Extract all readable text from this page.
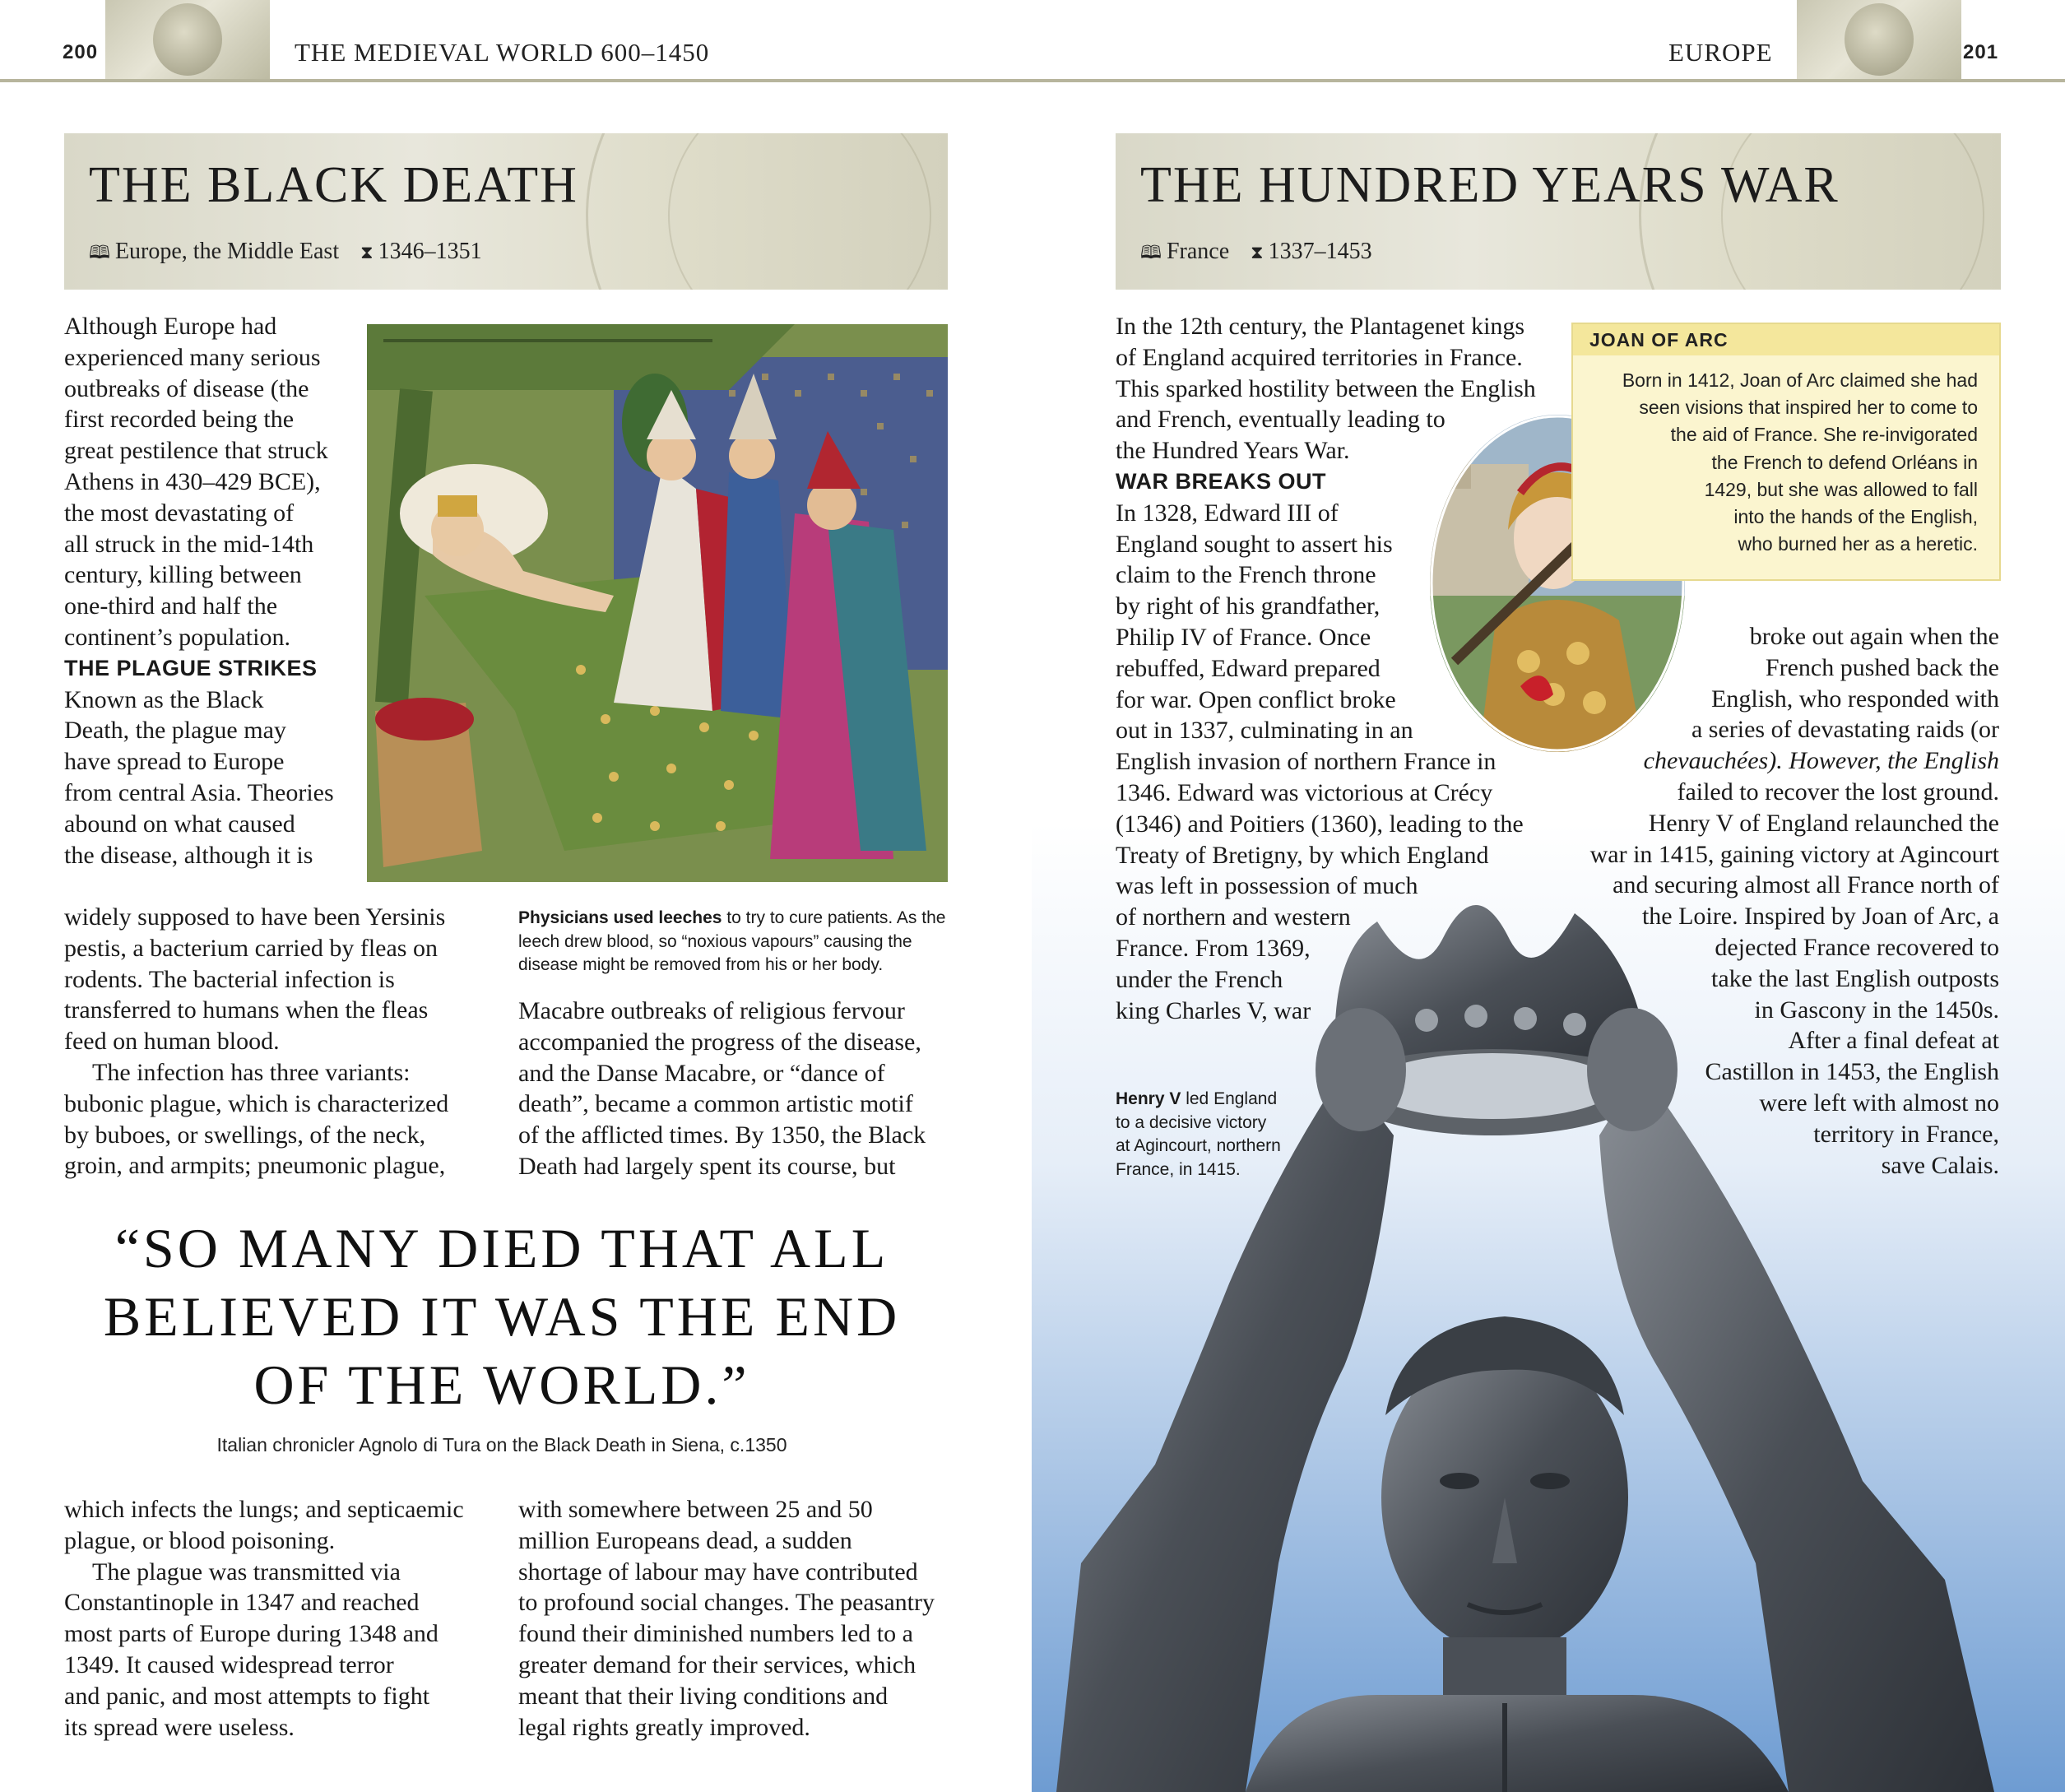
200	THE MEDIEVAL WORLD 600–1450	EUROPE	201
THE BLACK DEATH
🕮 Europe, the Middle East ⧗ 1346–1351

Although Europe had

experienced many serious

outbreaks of disease (the

first recorded being the

great pestilence that struck

Athens in 430–429 BCE),

the most devastating of

all struck in the mid-14th

century, killing between

one-third and half the

continent’s population.

THE PLAGUE STRIKES

Known as the Black

Death, the plague may

have spread to Europe

from central Asia. Theories

abound on what caused

the disease, although it is

widely supposed to have been Yersinis

pestis, a bacterium carried by fleas on

rodents. The bacterial infection is

transferred to humans when the fleas

feed on human blood.

The infection has three variants:

bubonic plague, which is characterized

by buboes, or swellings, of the neck,

groin, and armpits; pneumonic plague,

Physicians used leeches to try to cure patients. As the leech drew blood, so “noxious vapours” causing the disease might be removed from his or her body.

Macabre outbreaks of religious fervour

accompanied the progress of the disease,

and the Danse Macabre, or “dance of

death”, became a common artistic motif

of the afflicted times. By 1350, the Black

Death had largely spent its course, but

“SO MANY DIED THAT ALL
BELIEVED IT WAS THE END
OF THE WORLD.”
Italian chronicler Agnolo di Tura on the Black Death in Siena, c.1350

which infects the lungs; and septicaemic

plague, or blood poisoning.

The plague was transmitted via

Constantinople in 1347 and reached

most parts of Europe during 1348 and

1349. It caused widespread terror

and panic, and most attempts to fight

its spread were useless.

with somewhere between 25 and 50

million Europeans dead, a sudden

shortage of labour may have contributed

to profound social changes. The peasantry

found their diminished numbers led to a

greater demand for their services, which

meant that their living conditions and

legal rights greatly improved.

THE HUNDRED YEARS WAR
🕮 France ⧗ 1337–1453

In the 12th century, the Plantagenet kings

of England acquired territories in France.

This sparked hostility between the English

and French, eventually leading to

the Hundred Years War.

WAR BREAKS OUT

In 1328, Edward III of

England sought to assert his

claim to the French throne

by right of his grandfather,

Philip IV of France. Once

rebuffed, Edward prepared

for war. Open conflict broke

out in 1337, culminating in an

English invasion of northern France in

1346. Edward was victorious at Crécy

(1346) and Poitiers (1360), leading to the

Treaty of Bretigny, by which England

was left in possession of much

of northern and western

France. From 1369,

under the French

king Charles V, war

JOAN OF ARC
Born in 1412, Joan of Arc claimed she had
seen visions that inspired her to come to
the aid of France. She re-invigorated
the French to defend Orléans in
1429, but she was allowed to fall
into the hands of the English,
who burned her as a heretic.

broke out again when the

French pushed back the

English, who responded with

a series of devastating raids (or

chevauchées). However, the English

failed to recover the lost ground.

Henry V of England relaunched the

war in 1415, gaining victory at Agincourt

and securing almost all France north of

the Loire. Inspired by Joan of Arc, a

dejected France recovered to

take the last English outposts

in Gascony in the 1450s.

After a final defeat at

Castillon in 1453, the English

were left with almost no

territory in France,

save Calais.

Henry V led England
to a decisive victory
at Agincourt, northern
France, in 1415.
